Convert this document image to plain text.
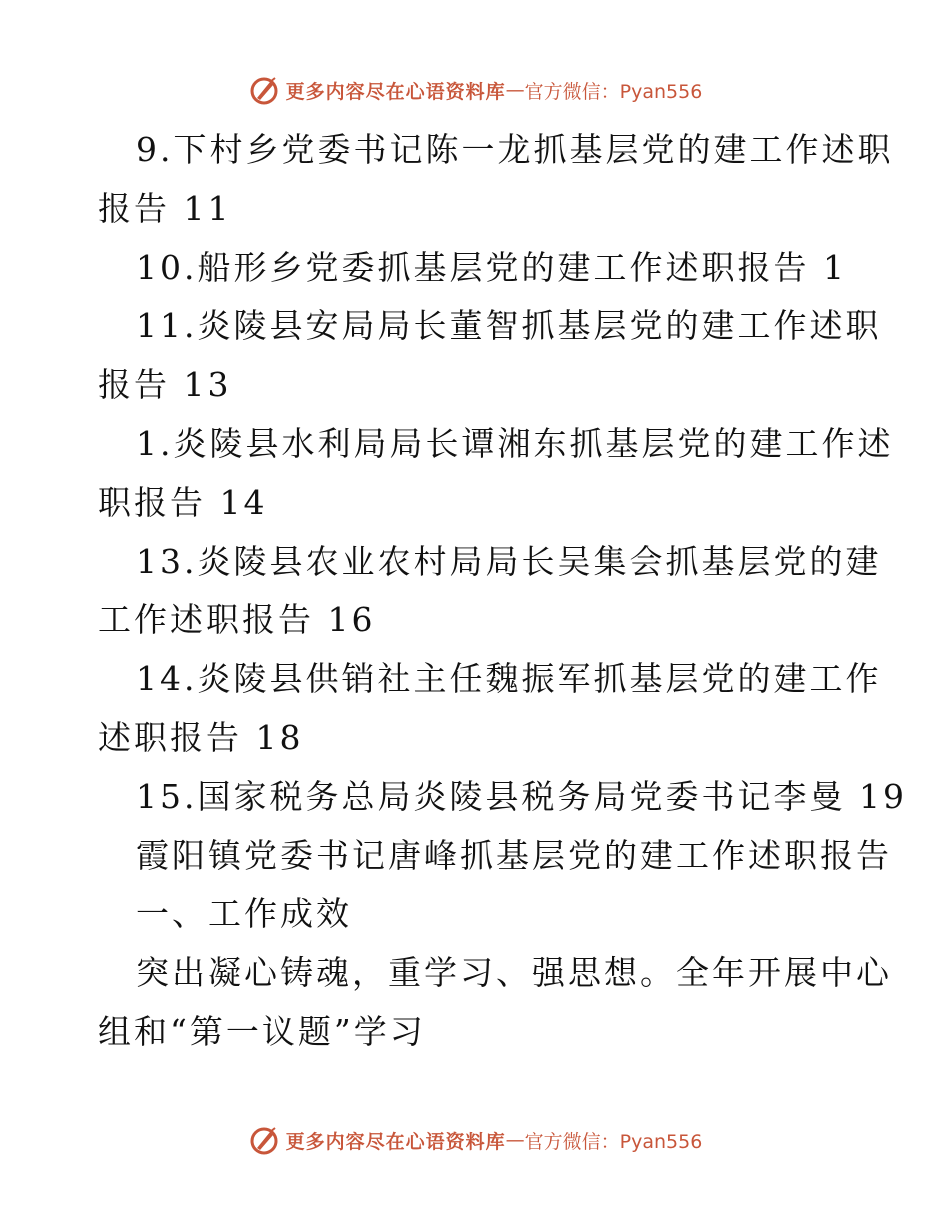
更多内容尽在心语资料库 — 官方微信：Pyan556
9.下村乡党委书记陈一龙抓基层党的建工作述职
报告 11
10.船形乡党委抓基层党的建工作述职报告 1
11.炎陵县安局局长董智抓基层党的建工作述职
报告 13
1.炎陵县水利局局长谭湘东抓基层党的建工作述
职报告 14
13.炎陵县农业农村局局长吴集会抓基层党的建
工作述职报告 16
14.炎陵县供销社主任魏振军抓基层党的建工作
述职报告 18
15.国家税务总局炎陵县税务局党委书记李曼 19
霞阳镇党委书记唐峰抓基层党的建工作述职报告
一、工作成效
突出凝心铸魂，重学习、强思想。全年开展中心
组和“第一议题”学习
更多内容尽在心语资料库 — 官方微信：Pyan556
